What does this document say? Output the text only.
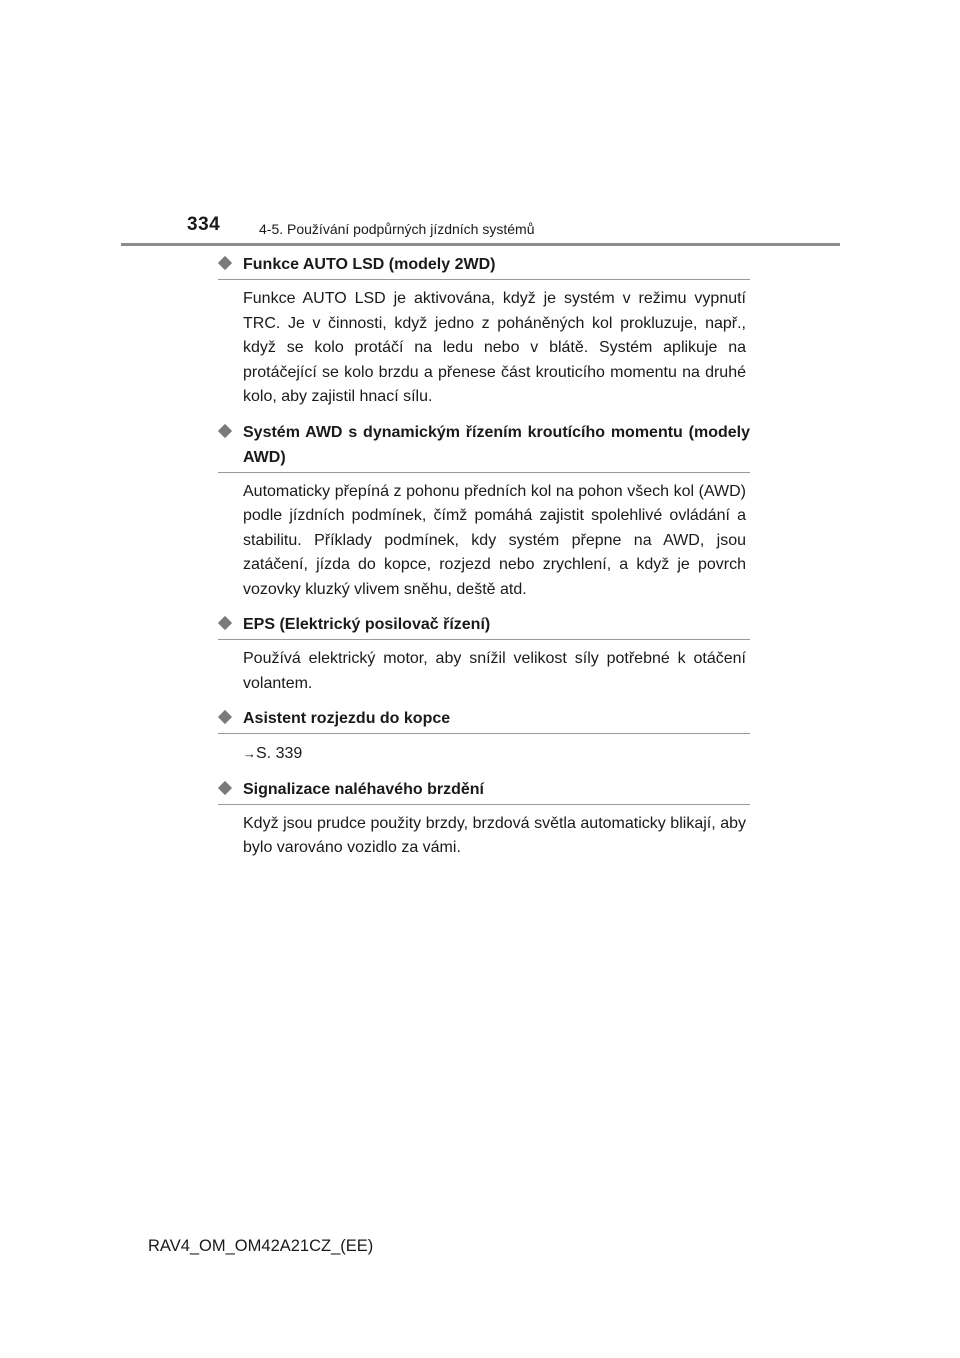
334	4-5. Používání podpůrných jízdních systémů
Funkce AUTO LSD (modely 2WD)

Funkce AUTO LSD je aktivována, když je systém v režimu vypnutí TRC. Je v činnosti, když jedno z poháněných kol prokluzuje, např., když se kolo protáčí na ledu nebo v blátě. Systém aplikuje na protáčející se kolo brzdu a přenese část krouticího momentu na druhé kolo, aby zajistil hnací sílu.

Systém AWD s dynamickým řízením kroutícího momentu (modely AWD)

Automaticky přepíná z pohonu předních kol na pohon všech kol (AWD) podle jízdních podmínek, čímž pomáhá zajistit spolehlivé ovládání a stabilitu. Příklady podmínek, kdy systém přepne na AWD, jsou zatáčení, jízda do kopce, rozjezd nebo zrychlení, a když je povrch vozovky kluzký vlivem sněhu, deště atd.

EPS (Elektrický posilovač řízení)

Používá elektrický motor, aby snížil velikost síly potřebné k otáčení volantem.

Asistent rozjezdu do kopce

→S. 339

Signalizace naléhavého brzdění

Když jsou prudce použity brzdy, brzdová světla automaticky blikají, aby bylo varováno vozidlo za vámi.

RAV4_OM_OM42A21CZ_(EE)
